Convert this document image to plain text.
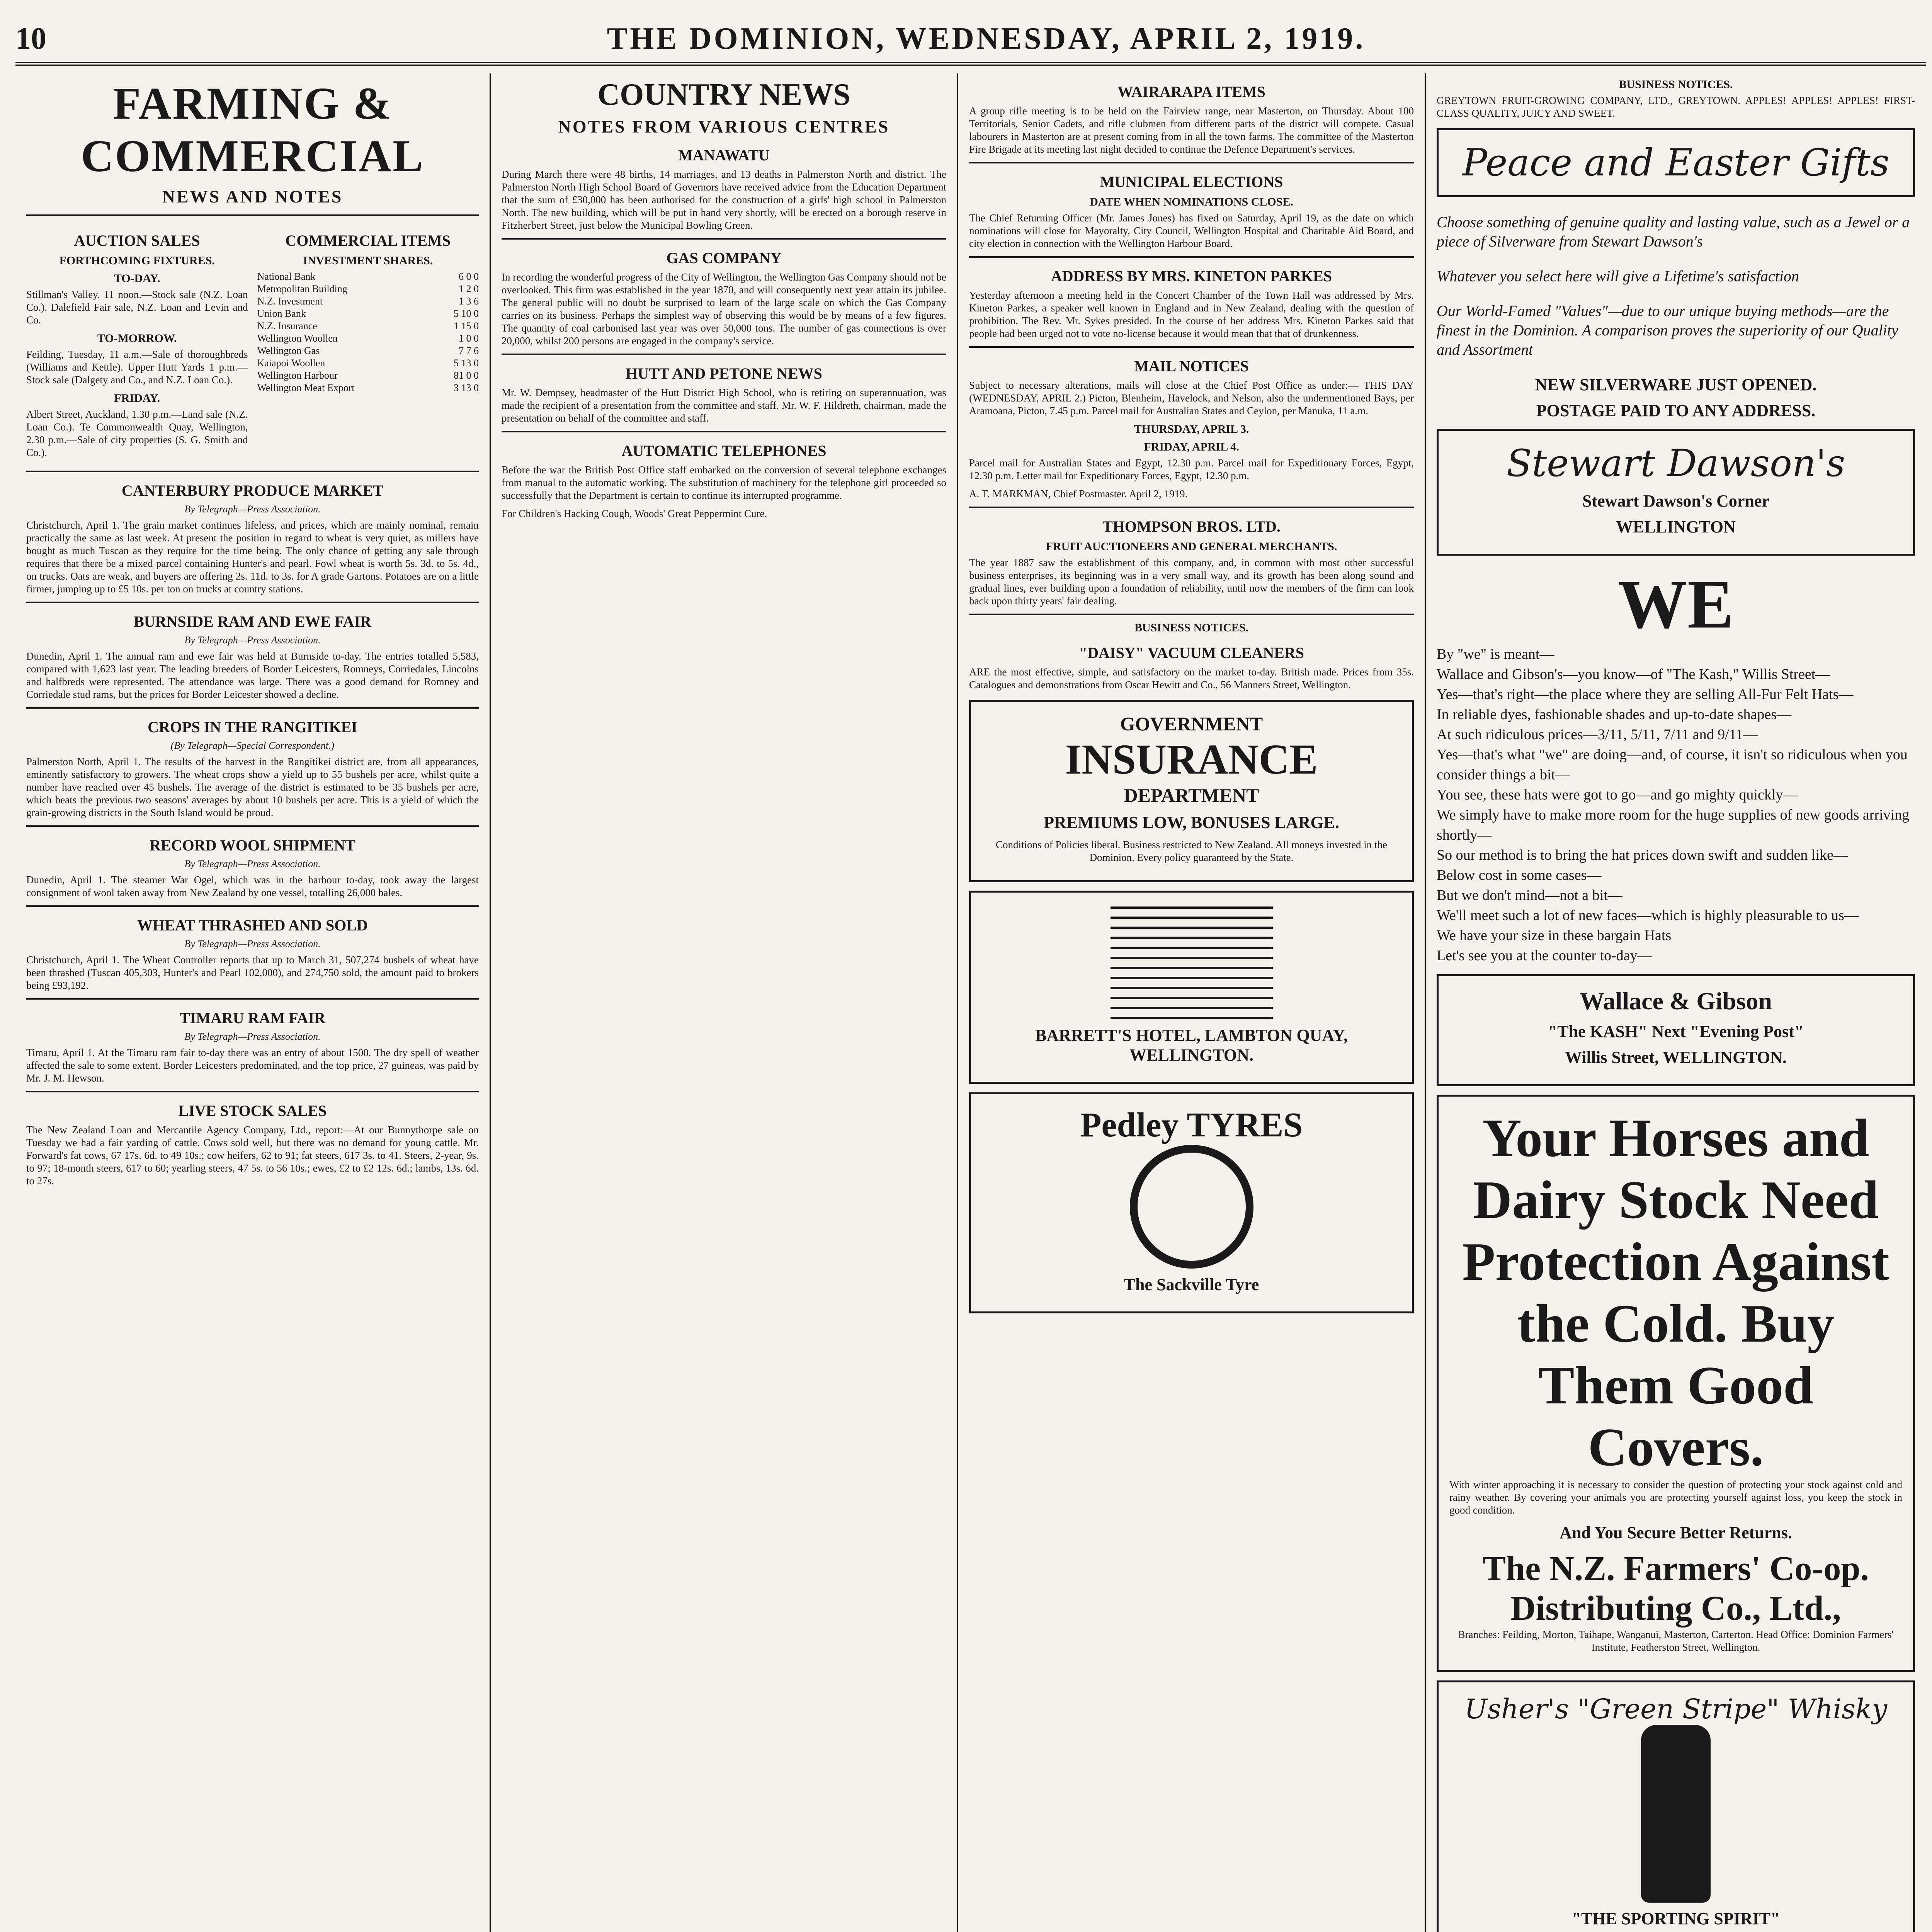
10	THE DOMINION, WEDNESDAY, APRIL 2, 1919.
FARMING & COMMERCIAL
NEWS AND NOTES
AUCTION SALES
FORTHCOMING FIXTURES.
TO-DAY.

Stillman's Valley. 11 noon.—Stock sale (N.Z. Loan Co.). Dalefield Fair sale, N.Z. Loan and Levin and Co.

TO-MORROW.

Feilding, Tuesday, 11 a.m.—Sale of thoroughbreds (Williams and Kettle). Upper Hutt Yards 1 p.m.—Stock sale (Dalgety and Co., and N.Z. Loan Co.).

FRIDAY.

Albert Street, Auckland, 1.30 p.m.—Land sale (N.Z. Loan Co.). Te Commonwealth Quay, Wellington, 2.30 p.m.—Sale of city properties (S. G. Smith and Co.).

COMMERCIAL ITEMS
INVESTMENT SHARES.
National Bank	6 0 0
Metropolitan Building	1 2 0
N.Z. Investment	1 3 6
Union Bank	5 10 0
N.Z. Insurance	1 15 0
Wellington Woollen	1 0 0
Wellington Gas	7 7 6
Kaiapoi Woollen	5 13 0
Wellington Harbour	81 0 0
Wellington Meat Export	3 13 0
CANTERBURY PRODUCE MARKET
By Telegraph—Press Association.

Christchurch, April 1. The grain market continues lifeless, and prices, which are mainly nominal, remain practically the same as last week. At present the position in regard to wheat is very quiet, as millers have bought as much Tuscan as they require for the time being. The only chance of getting any sale through requires that there be a mixed parcel containing Hunter's and pearl. Fowl wheat is worth 5s. 3d. to 5s. 4d., on trucks. Oats are weak, and buyers are offering 2s. 11d. to 3s. for A grade Gartons. Potatoes are on a little firmer, jumping up to £5 10s. per ton on trucks at country stations.

BURNSIDE RAM AND EWE FAIR
By Telegraph—Press Association.

Dunedin, April 1. The annual ram and ewe fair was held at Burnside to-day. The entries totalled 5,583, compared with 1,623 last year. The leading breeders of Border Leicesters, Romneys, Corriedales, Lincolns and halfbreds were represented. The attendance was large. There was a good demand for Romney and Corriedale stud rams, but the prices for Border Leicester showed a decline.

CROPS IN THE RANGITIKEI
(By Telegraph—Special Correspondent.)

Palmerston North, April 1. The results of the harvest in the Rangitikei district are, from all appearances, eminently satisfactory to growers. The wheat crops show a yield up to 55 bushels per acre, whilst quite a number have reached over 45 bushels. The average of the district is estimated to be 35 bushels per acre, which beats the previous two seasons' averages by about 10 bushels per acre. This is a yield of which the grain-growing districts in the South Island would be proud.

RECORD WOOL SHIPMENT
By Telegraph—Press Association.

Dunedin, April 1. The steamer War Ogel, which was in the harbour to-day, took away the largest consignment of wool taken away from New Zealand by one vessel, totalling 26,000 bales.

WHEAT THRASHED AND SOLD
By Telegraph—Press Association.

Christchurch, April 1. The Wheat Controller reports that up to March 31, 507,274 bushels of wheat have been thrashed (Tuscan 405,303, Hunter's and Pearl 102,000), and 274,750 sold, the amount paid to brokers being £93,192.

TIMARU RAM FAIR
By Telegraph—Press Association.

Timaru, April 1. At the Timaru ram fair to-day there was an entry of about 1500. The dry spell of weather affected the sale to some extent. Border Leicesters predominated, and the top price, 27 guineas, was paid by Mr. J. M. Hewson.

LIVE STOCK SALES

The New Zealand Loan and Mercantile Agency Company, Ltd., report:—At our Bunnythorpe sale on Tuesday we had a fair yarding of cattle. Cows sold well, but there was no demand for young cattle. Mr. Forward's fat cows, 67 17s. 6d. to 49 10s.; cow heifers, 62 to 91; fat steers, 617 3s. to 41. Steers, 2-year, 9s. to 97; 18-month steers, 617 to 60; yearling steers, 47 5s. to 56 10s.; ewes, £2 to £2 12s. 6d.; lambs, 13s. 6d. to 27s.

COUNTRY NEWS
NOTES FROM VARIOUS CENTRES
MANAWATU

During March there were 48 births, 14 marriages, and 13 deaths in Palmerston North and district. The Palmerston North High School Board of Governors have received advice from the Education Department that the sum of £30,000 has been authorised for the construction of a girls' high school in Palmerston North. The new building, which will be put in hand very shortly, will be erected on a borough reserve in Fitzherbert Street, just below the Municipal Bowling Green.

GAS COMPANY

In recording the wonderful progress of the City of Wellington, the Wellington Gas Company should not be overlooked. This firm was established in the year 1870, and will consequently next year attain its jubilee. The general public will no doubt be surprised to learn of the large scale on which the Gas Company carries on its business. Perhaps the simplest way of observing this would be by means of a few figures. The quantity of coal carbonised last year was over 50,000 tons. The number of gas connections is over 20,000, whilst 200 persons are engaged in the company's service.

HUTT AND PETONE NEWS

Mr. W. Dempsey, headmaster of the Hutt District High School, who is retiring on superannuation, was made the recipient of a presentation from the committee and staff. Mr. W. F. Hildreth, chairman, made the presentation on behalf of the committee and staff.

AUTOMATIC TELEPHONES

Before the war the British Post Office staff embarked on the conversion of several telephone exchanges from manual to the automatic working. The substitution of machinery for the telephone girl proceeded so successfully that the Department is certain to continue its interrupted programme.

For Children's Hacking Cough, Woods' Great Peppermint Cure.

WAIRARAPA ITEMS

A group rifle meeting is to be held on the Fairview range, near Masterton, on Thursday. About 100 Territorials, Senior Cadets, and rifle clubmen from different parts of the district will compete. Casual labourers in Masterton are at present coming from in all the town farms. The committee of the Masterton Fire Brigade at its meeting last night decided to continue the Defence Department's services.

MUNICIPAL ELECTIONS
DATE WHEN NOMINATIONS CLOSE.

The Chief Returning Officer (Mr. James Jones) has fixed on Saturday, April 19, as the date on which nominations will close for Mayoralty, City Council, Wellington Hospital and Charitable Aid Board, and city election in connection with the Wellington Harbour Board.

ADDRESS BY MRS. KINETON PARKES

Yesterday afternoon a meeting held in the Concert Chamber of the Town Hall was addressed by Mrs. Kineton Parkes, a speaker well known in England and in New Zealand, dealing with the question of prohibition. The Rev. Mr. Sykes presided. In the course of her address Mrs. Kineton Parkes said that people had been urged not to vote no-license because it would mean that that of drunkenness.

MAIL NOTICES

Subject to necessary alterations, mails will close at the Chief Post Office as under:— THIS DAY (WEDNESDAY, APRIL 2.) Picton, Blenheim, Havelock, and Nelson, also the undermentioned Bays, per Aramoana, Picton, 7.45 p.m. Parcel mail for Australian States and Ceylon, per Manuka, 11 a.m.

THURSDAY, APRIL 3.
FRIDAY, APRIL 4.

Parcel mail for Australian States and Egypt, 12.30 p.m. Parcel mail for Expeditionary Forces, Egypt, 12.30 p.m. Letter mail for Expeditionary Forces, Egypt, 12.30 p.m.

A. T. MARKMAN, Chief Postmaster. April 2, 1919.

THOMPSON BROS. LTD.
FRUIT AUCTIONEERS AND GENERAL MERCHANTS.

The year 1887 saw the establishment of this company, and, in common with most other successful business enterprises, its beginning was in a very small way, and its growth has been along sound and gradual lines, ever building upon a foundation of reliability, until now the members of the firm can look back upon thirty years' fair dealing.

BUSINESS NOTICES.
"DAISY" VACUUM CLEANERS

ARE the most effective, simple, and satisfactory on the market to-day. British made. Prices from 35s. Catalogues and demonstrations from Oscar Hewitt and Co., 56 Manners Street, Wellington.

GOVERNMENT
INSURANCE
DEPARTMENT
PREMIUMS LOW, BONUSES LARGE.
Conditions of Policies liberal. Business restricted to New Zealand. All moneys invested in the Dominion. Every policy guaranteed by the State.
BARRETT'S HOTEL, LAMBTON QUAY, WELLINGTON.
Pedley TYRES
The Sackville Tyre
BUSINESS NOTICES.

GREYTOWN FRUIT-GROWING COMPANY, LTD., GREYTOWN. APPLES! APPLES! APPLES! FIRST-CLASS QUALITY, JUICY AND SWEET.

Peace and Easter Gifts

Choose something of genuine quality and lasting value, such as a Jewel or a piece of Silverware from Stewart Dawson's

Whatever you select here will give a Lifetime's satisfaction

Our World-Famed "Values"—due to our unique buying methods—are the finest in the Dominion. A comparison proves the superiority of our Quality and Assortment

NEW SILVERWARE JUST OPENED.
POSTAGE PAID TO ANY ADDRESS.
Stewart Dawson's
Stewart Dawson's Corner
WELLINGTON
WE
By "we" is meant—
Wallace and Gibson's—you know—of "The Kash," Willis Street—
Yes—that's right—the place where they are selling All-Fur Felt Hats—
In reliable dyes, fashionable shades and up-to-date shapes—
At such ridiculous prices—3/11, 5/11, 7/11 and 9/11—
Yes—that's what "we" are doing—and, of course, it isn't so ridiculous when you consider things a bit—
You see, these hats were got to go—and go mighty quickly—
We simply have to make more room for the huge supplies of new goods arriving shortly—
So our method is to bring the hat prices down swift and sudden like—
Below cost in some cases—
But we don't mind—not a bit—
We'll meet such a lot of new faces—which is highly pleasurable to us—
We have your size in these bargain Hats
Let's see you at the counter to-day—
Wallace & Gibson
"The KASH" Next "Evening Post"
Willis Street, WELLINGTON.
Your Horses and Dairy Stock Need Protection Against the Cold. Buy Them Good Covers.

With winter approaching it is necessary to consider the question of protecting your stock against cold and rainy weather. By covering your animals you are protecting yourself against loss, you keep the stock in good condition.

And You Secure Better Returns.
The N.Z. Farmers' Co-op. Distributing Co., Ltd.,

Branches: Feilding, Morton, Taihape, Wanganui, Masterton, Carterton. Head Office: Dominion Farmers' Institute, Featherston Street, Wellington.

Usher's "Green Stripe" Whisky
"THE SPORTING SPIRIT"
